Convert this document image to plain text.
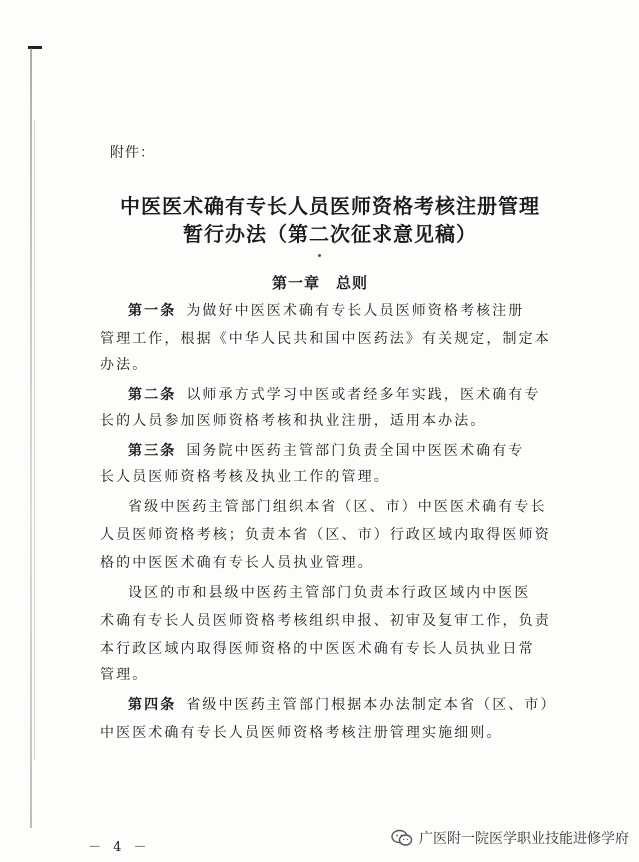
附件：
中医医术确有专长人员医师资格考核注册管理
暂行办法（第二次征求意见稿）
第一章　总则
第一条 为做好中医医术确有专长人员医师资格考核注册
管理工作，根据《中华人民共和国中医药法》有关规定，制定本
办法。
第二条 以师承方式学习中医或者经多年实践，医术确有专
长的人员参加医师资格考核和执业注册，适用本办法。
第三条 国务院中医药主管部门负责全国中医医术确有专
长人员医师资格考核及执业工作的管理。
省级中医药主管部门组织本省（区、市）中医医术确有专长
人员医师资格考核；负责本省（区、市）行政区域内取得医师资
格的中医医术确有专长人员执业管理。
设区的市和县级中医药主管部门负责本行政区域内中医医
术确有专长人员医师资格考核组织申报、初审及复审工作，负责
本行政区域内取得医师资格的中医医术确有专长人员执业日常
管理。
第四条 省级中医药主管部门根据本办法制定本省（区、市）
中医医术确有专长人员医师资格考核注册管理实施细则。
－ 4 －
广医附一院医学职业技能进修学府
